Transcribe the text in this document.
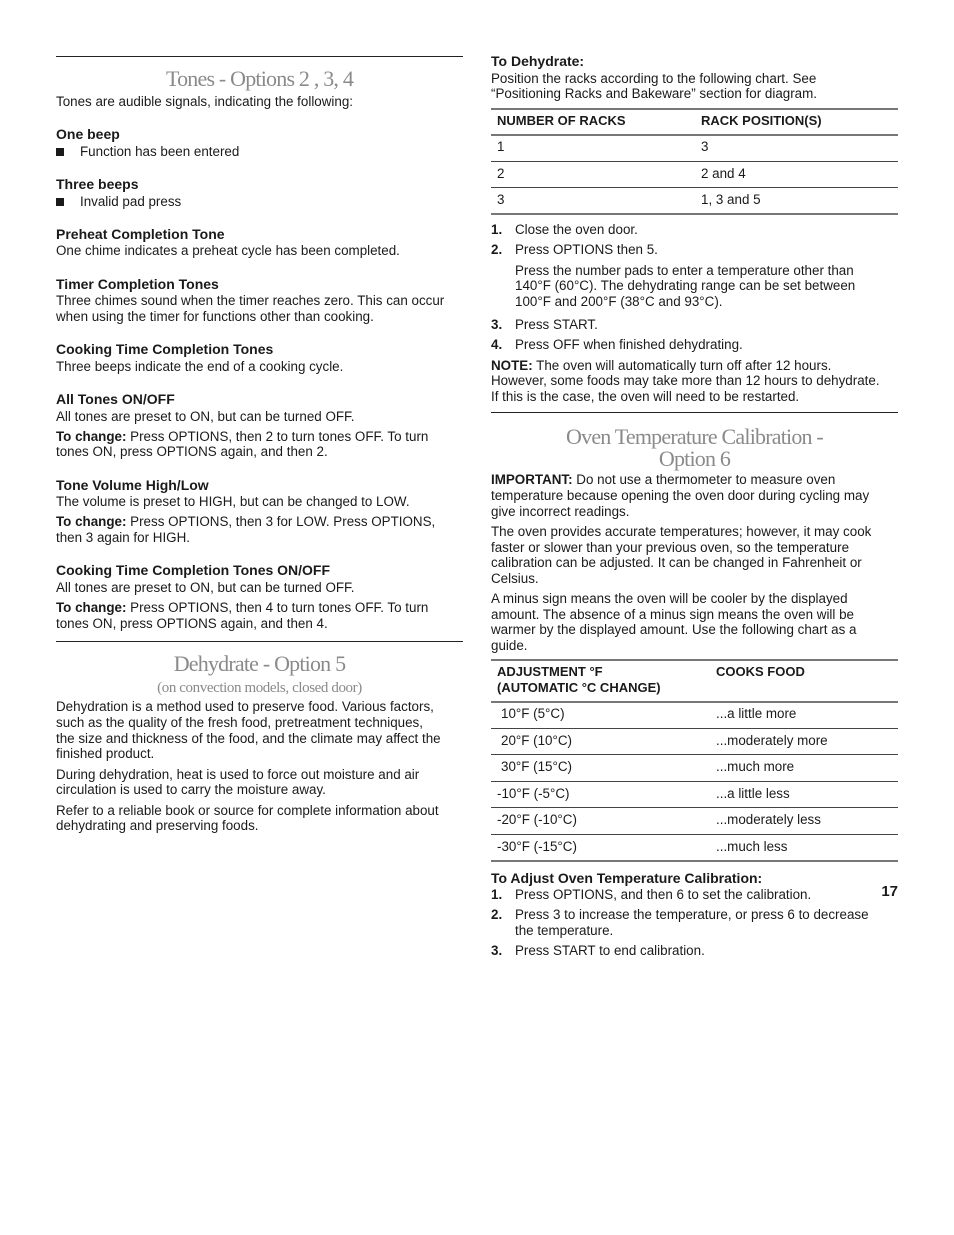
Tones - Options 2 , 3, 4
Tones are audible signals, indicating the following:
One beep
Function has been entered
Three beeps
Invalid pad press
Preheat Completion Tone
One chime indicates a preheat cycle has been completed.
Timer Completion Tones
Three chimes sound when the timer reaches zero. This can occur
when using the timer for functions other than cooking.
Cooking Time Completion Tones
Three beeps indicate the end of a cooking cycle.
All Tones ON/OFF
All tones are preset to ON, but can be turned OFF.
To change: Press OPTIONS, then 2 to turn tones OFF. To turn
tones ON, press OPTIONS again, and then 2.
Tone Volume High/Low
The volume is preset to HIGH, but can be changed to LOW.
To change: Press OPTIONS, then 3 for LOW. Press OPTIONS,
then 3 again for HIGH.
Cooking Time Completion Tones ON/OFF
All tones are preset to ON, but can be turned OFF.
To change: Press OPTIONS, then 4 to turn tones OFF. To turn
tones ON, press OPTIONS again, and then 4.
Dehydrate - Option 5
(on convection models, closed door)
Dehydration is a method used to preserve food. Various factors,
such as the quality of the fresh food, pretreatment techniques,
the size and thickness of the food, and the climate may affect the
finished product.
During dehydration, heat is used to force out moisture and air
circulation is used to carry the moisture away.
Refer to a reliable book or source for complete information about
dehydrating and preserving foods.
To Dehydrate:
Position the racks according to the following chart. See
“Positioning Racks and Bakeware” section for diagram.
NUMBER OF RACKS	RACK POSITION(S)
1	3
2	2 and 4
3	1, 3 and 5
1. Close the oven door.
2. Press OPTIONS then 5.
Press the number pads to enter a temperature other than
140°F (60°C). The dehydrating range can be set between
100°F and 200°F (38°C and 93°C).
3. Press START.
4. Press OFF when finished dehydrating.
NOTE: The oven will automatically turn off after 12 hours.
However, some foods may take more than 12 hours to dehydrate.
If this is the case, the oven will need to be restarted.
Oven Temperature Calibration -
Option 6
IMPORTANT: Do not use a thermometer to measure oven
temperature because opening the oven door during cycling may
give incorrect readings.
The oven provides accurate temperatures; however, it may cook
faster or slower than your previous oven, so the temperature
calibration can be adjusted. It can be changed in Fahrenheit or
Celsius.
A minus sign means the oven will be cooler by the displayed
amount. The absence of a minus sign means the oven will be
warmer by the displayed amount. Use the following chart as a
guide.
ADJUSTMENT °F
(AUTOMATIC °C CHANGE)
COOKS FOOD
10°F (5°C)	...a little more
20°F (10°C)	...moderately more
30°F (15°C)	...much more
-10°F (-5°C)	...a little less
-20°F (-10°C)	...moderately less
-30°F (-15°C)	...much less
To Adjust Oven Temperature Calibration:
1. Press OPTIONS, and then 6 to set the calibration.
2. Press 3 to increase the temperature, or press 6 to decrease
the temperature.
3. Press START to end calibration.
17
